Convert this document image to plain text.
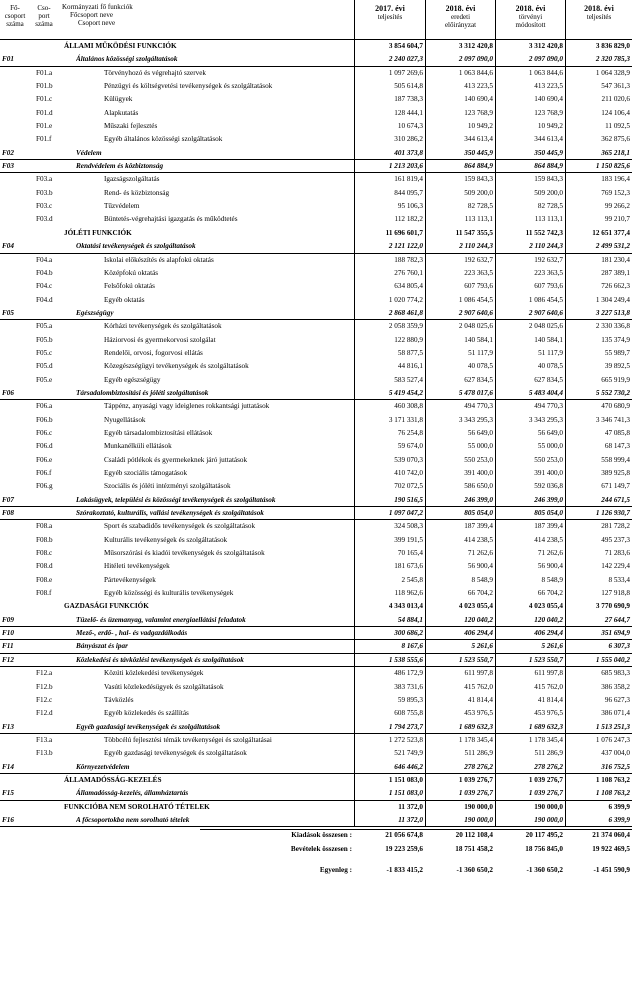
Fő-csoport száma
Cso-port száma
Kormányzati fő funkciók
Főcsoport neve
Csoport neve
2017. évi
teljesítés
2018. évi
eredeti
előirányzat
2018. évi
törvényi
módosított
2018. évi
teljesítés
ÁLLAMI MŰKÖDÉSI FUNKCIÓK	3 854 604,7	3 312 420,8	3 312 420,8	3 836 829,0
F01	Általános közösségi szolgáltatások	2 240 027,3	2 097 090,0	2 097 090,0	2 320 785,3
F01.a	Törvényhozó és végrehajtó szervek	1 097 269,6	1 063 844,6	1 063 844,6	1 064 328,9
F01.b	Pénzügyi és költségvetési tevékenységek és szolgáltatások	505 614,8	413 223,5	413 223,5	547 361,3
F01.c	Külügyek	187 738,3	140 690,4	140 690,4	211 020,6
F01.d	Alapkutatás	128 444,1	123 768,9	123 768,9	124 106,4
F01.e	Műszaki fejlesztés	10 674,3	10 949,2	10 949,2	11 092,5
F01.f	Egyéb általános közösségi szolgáltatások	310 286,2	344 613,4	344 613,4	362 875,6
F02	Védelem	401 373,8	350 445,9	350 445,9	365 218,1
F03	Rendvédelem és közbiztonság	1 213 203,6	864 884,9	864 884,9	1 150 825,6
F03.a	Igazságszolgáltatás	161 819,4	159 843,3	159 843,3	183 196,4
F03.b	Rend- és közbiztonság	844 095,7	509 200,0	509 200,0	769 152,3
F03.c	Tűzvédelem	95 106,3	82 728,5	82 728,5	99 266,2
F03.d	Büntetés-végrehajtási igazgatás és működtetés	112 182,2	113 113,1	113 113,1	99 210,7
JÓLÉTI FUNKCIÓK	11 696 601,7	11 547 355,5	11 552 742,3	12 651 377,4
F04	Oktatási tevékenységek és szolgáltatások	2 121 122,0	2 110 244,3	2 110 244,3	2 499 531,2
F04.a	Iskolai előkészítés és alapfokú oktatás	188 782,3	192 632,7	192 632,7	181 230,4
F04.b	Középfokú oktatás	276 760,1	223 363,5	223 363,5	287 389,1
F04.c	Felsőfokú oktatás	634 805,4	607 793,6	607 793,6	726 662,3
F04.d	Egyéb oktatás	1 020 774,2	1 086 454,5	1 086 454,5	1 304 249,4
F05	Egészségügy	2 868 461,8	2 907 640,6	2 907 640,6	3 227 513,8
F05.a	Kórházi tevékenységek és szolgáltatások	2 058 359,9	2 048 025,6	2 048 025,6	2 330 336,8
F05.b	Háziorvosi és gyermekorvosi szolgálat	122 880,9	140 584,1	140 584,1	135 374,9
F05.c	Rendelői, orvosi, fogorvosi ellátás	58 877,5	51 117,9	51 117,9	55 989,7
F05.d	Közegészségügyi tevékenységek és szolgáltatások	44 816,1	40 078,5	40 078,5	39 892,5
F05.e	Egyéb egészségügy	583 527,4	627 834,5	627 834,5	665 919,9
F06	Társadalombiztosítási és jóléti szolgáltatások	5 419 454,2	5 478 017,6	5 483 404,4	5 552 730,2
F06.a	Táppénz, anyasági vagy ideiglenes rokkantsági juttatások	460 308,8	494 770,3	494 770,3	470 680,9
F06.b	Nyugellátások	3 171 331,8	3 343 295,3	3 343 295,3	3 346 741,3
F06.c	Egyéb társadalombiztosítási ellátások	76 254,8	56 649,0	56 649,0	47 085,8
F06.d	Munkanélküli ellátások	59 674,0	55 000,0	55 000,0	68 147,3
F06.e	Családi pótlékok és gyermekeknek járó juttatások	539 070,3	550 253,0	550 253,0	558 999,4
F06.f	Egyéb szociális támogatások	410 742,0	391 400,0	391 400,0	389 925,8
F06.g	Szociális és jóléti intézményi szolgáltatások	702 072,5	586 650,0	592 036,8	671 149,7
F07	Lakásügyek, települési és közösségi tevékenységek és szolgáltatások	190 516,5	246 399,0	246 399,0	244 671,5
F08	Szórakoztató, kulturális, vallási tevékenységek és szolgáltatások	1 097 047,2	805 054,0	805 054,0	1 126 930,7
F08.a	Sport és szabadidős tevékenységek és szolgáltatások	324 508,3	187 399,4	187 399,4	281 728,2
F08.b	Kulturális tevékenységek és szolgáltatások	399 191,5	414 238,5	414 238,5	495 237,3
F08.c	Műsorszórási és kiadói tevékenységek és szolgáltatások	70 165,4	71 262,6	71 262,6	71 283,6
F08.d	Hitéleti tevékenységek	181 673,6	56 900,4	56 900,4	142 229,4
F08.e	Pártevékenységek	2 545,8	8 548,9	8 548,9	8 533,4
F08.f	Egyéb közösségi és kulturális tevékenységek	118 962,6	66 704,2	66 704,2	127 918,8
GAZDASÁGI FUNKCIÓK	4 343 013,4	4 023 055,4	4 023 055,4	3 770 690,9
F09	Tüzelő- és üzemanyag, valamint energiaellátási feladatok	54 884,1	120 040,2	120 040,2	27 644,7
F10	Mező-, erdő- , hal- és vadgazdálkodás	300 686,2	406 294,4	406 294,4	351 694,9
F11	Bányászat és ipar	8 167,6	5 261,6	5 261,6	6 307,3
F12	Közlekedési és távközlési tevékenységek és szolgáltatások	1 538 555,6	1 523 550,7	1 523 550,7	1 555 040,2
F12.a	Közúti közlekedési tevékenységek	486 172,9	611 997,8	611 997,8	685 983,3
F12.b	Vasúti közlekedésügyek és szolgáltatások	383 731,6	415 762,0	415 762,0	386 358,2
F12.c	Távközlés	59 895,3	41 814,4	41 814,4	96 627,3
F12.d	Egyéb közlekedés és szállítás	608 755,8	453 976,5	453 976,5	386 071,4
F13	Egyéb gazdasági tevékenységek és szolgáltatások	1 794 273,7	1 689 632,3	1 689 632,3	1 513 251,3
F13.a	Többcélú fejlesztési témák tevékenységei és szolgáltatásai	1 272 523,8	1 178 345,4	1 178 345,4	1 076 247,3
F13.b	Egyéb gazdasági tevékenységek és szolgáltatások	521 749,9	511 286,9	511 286,9	437 004,0
F14	Környezetvédelem	646 446,2	278 276,2	278 276,2	316 752,5
ÁLLAMADÓSSÁG-KEZELÉS	1 151 083,0	1 039 276,7	1 039 276,7	1 108 763,2
F15	Államadósság-kezelés, államháztartás	1 151 083,0	1 039 276,7	1 039 276,7	1 108 763,2
FUNKCIÓBA NEM SOROLHATÓ TÉTELEK	11 372,0	190 000,0	190 000,0	6 399,9
F16	A főcsoportokba nem sorolható tételek	11 372,0	190 000,0	190 000,0	6 399,9
Kiadások összesen :	21 056 674,8	20 112 108,4	20 117 495,2	21 374 060,4
Bevételek összesen :	19 223 259,6	18 751 458,2	18 756 845,0	19 922 469,5
Egyenleg :	-1 833 415,2	-1 360 650,2	-1 360 650,2	-1 451 590,9
